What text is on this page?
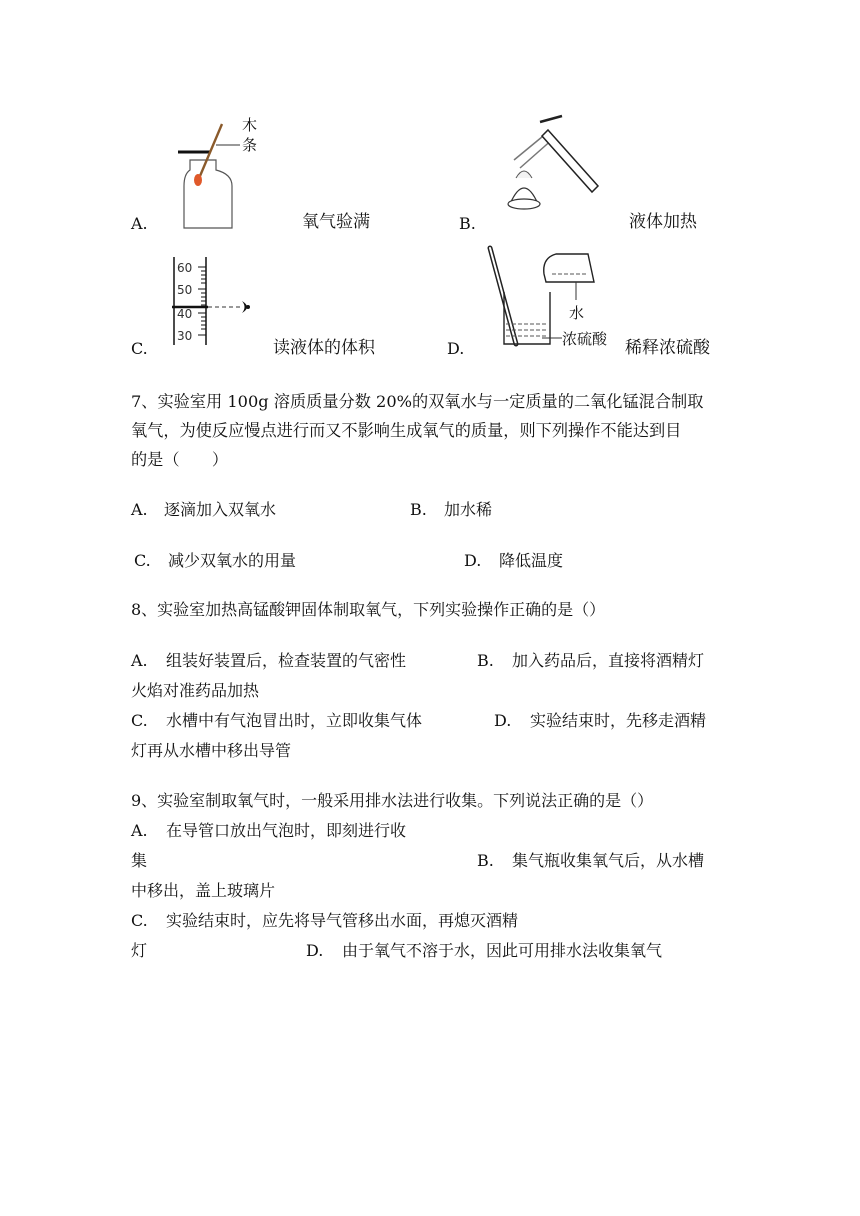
木
条
A.	氧气验满	B.	液体加热
60
50
40
30
C.	读液体的体积
水
浓硫酸
D.	稀释浓硫酸
7、实验室用 100g 溶质质量分数 20%的双氧水与一定质量的二氧化锰混合制取
氧气，为使反应慢点进行而又不影响生成氧气的质量，则下列操作不能达到目
的是（　　）
A. 逐滴加入双氧水	B. 加水稀
C. 减少双氧水的用量	D. 降低温度
8、实验室加热高锰酸钾固体制取氧气，下列实验操作正确的是（）
A. 组装好装置后，检查装置的气密性	B. 加入药品后，直接将酒精灯
火焰对准药品加热
C. 水槽中有气泡冒出时，立即收集气体	D. 实验结束时，先移走酒精
灯再从水槽中移出导管
9、实验室制取氧气时，一般采用排水法进行收集。下列说法正确的是（）
A. 在导管口放出气泡时，即刻进行收
集	B. 集气瓶收集氧气后，从水槽
中移出，盖上玻璃片
C. 实验结束时，应先将导气管移出水面，再熄灭酒精
灯	D. 由于氧气不溶于水，因此可用排水法收集氧气
